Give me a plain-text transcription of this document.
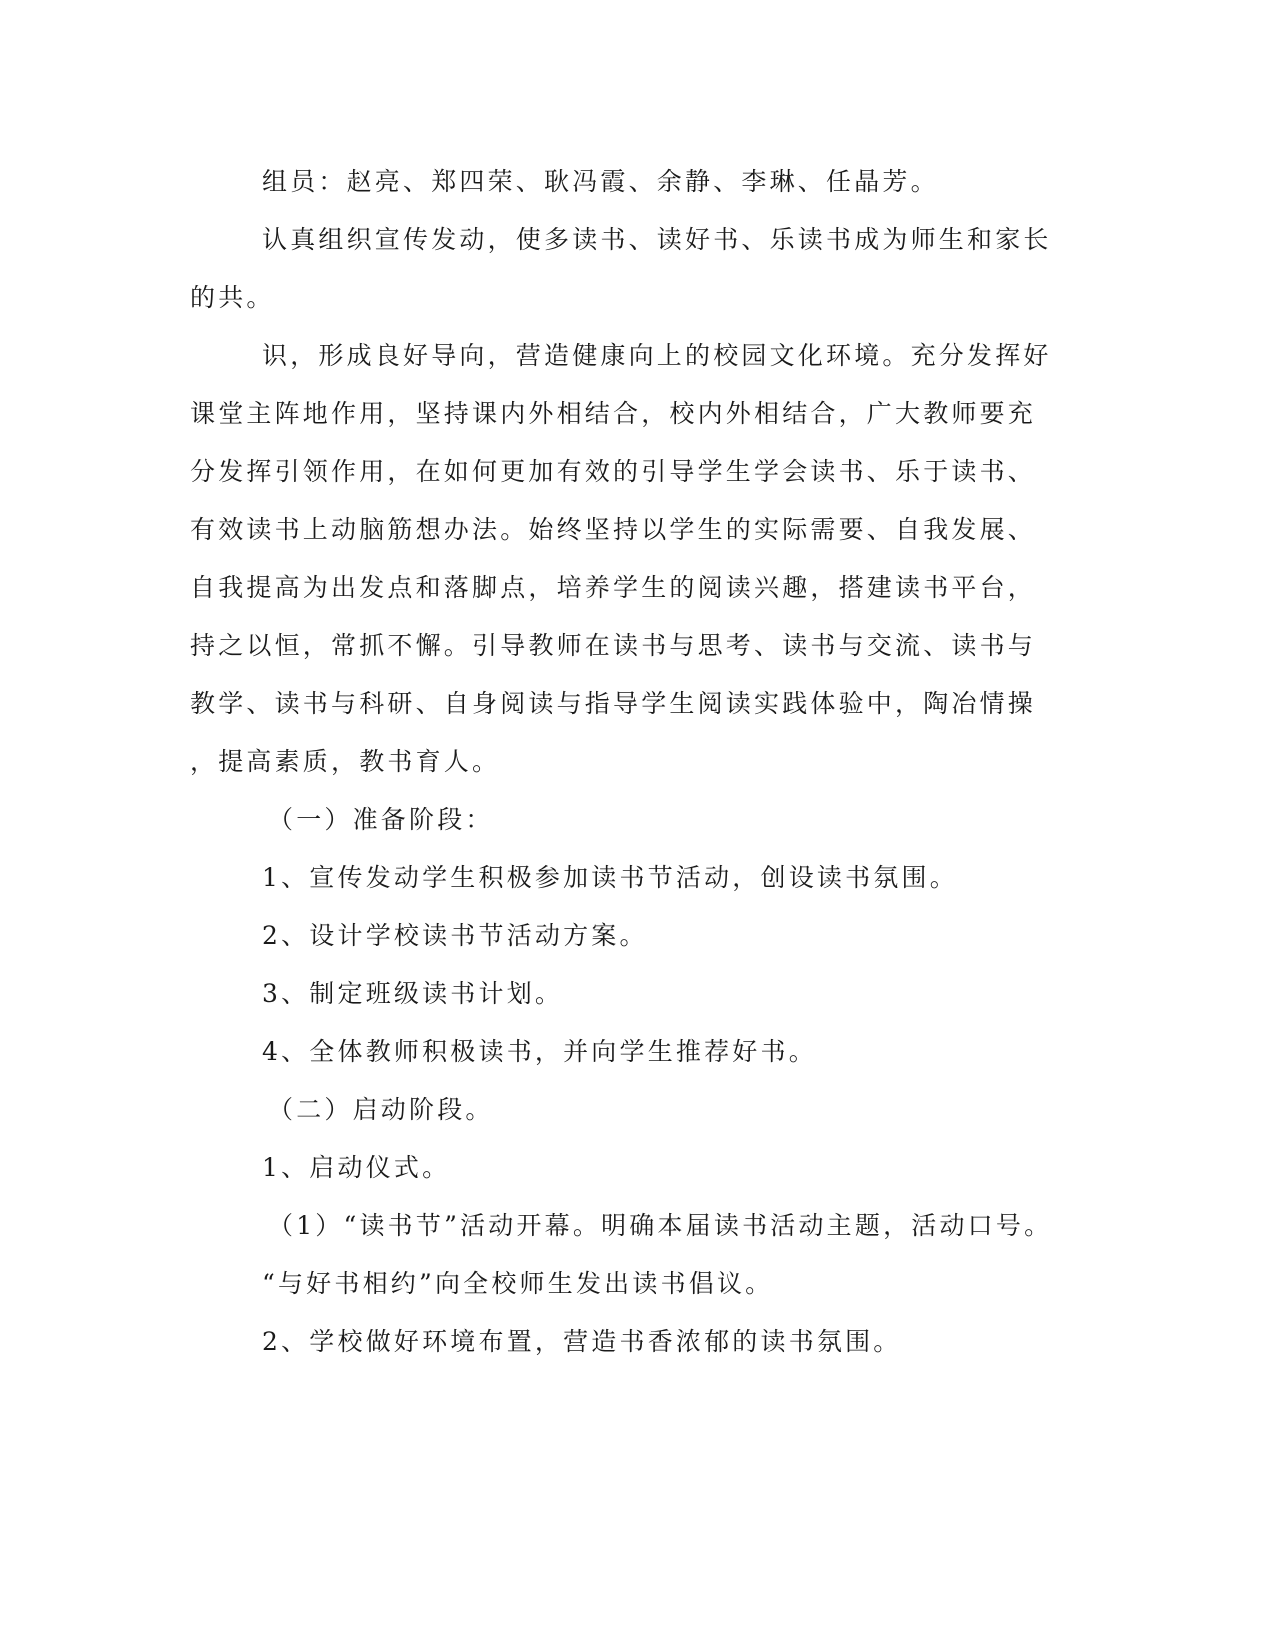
组员：赵亮、郑四荣、耿冯霞、余静、李琳、任晶芳。
认真组织宣传发动，使多读书、读好书、乐读书成为师生和家长
的共。
识，形成良好导向，营造健康向上的校园文化环境。充分发挥好
课堂主阵地作用，坚持课内外相结合，校内外相结合，广大教师要充
分发挥引领作用，在如何更加有效的引导学生学会读书、乐于读书、
有效读书上动脑筋想办法。始终坚持以学生的实际需要、自我发展、
自我提高为出发点和落脚点，培养学生的阅读兴趣，搭建读书平台，
持之以恒，常抓不懈。引导教师在读书与思考、读书与交流、读书与
教学、读书与科研、自身阅读与指导学生阅读实践体验中，陶冶情操
，提高素质，教书育人。
（一）准备阶段：
1、宣传发动学生积极参加读书节活动，创设读书氛围。
2、设计学校读书节活动方案。
3、制定班级读书计划。
4、全体教师积极读书，并向学生推荐好书。
（二）启动阶段。
1、启动仪式。
（1）“读书节”活动开幕。明确本届读书活动主题，活动口号。
“与好书相约”向全校师生发出读书倡议。
2、学校做好环境布置，营造书香浓郁的读书氛围。
